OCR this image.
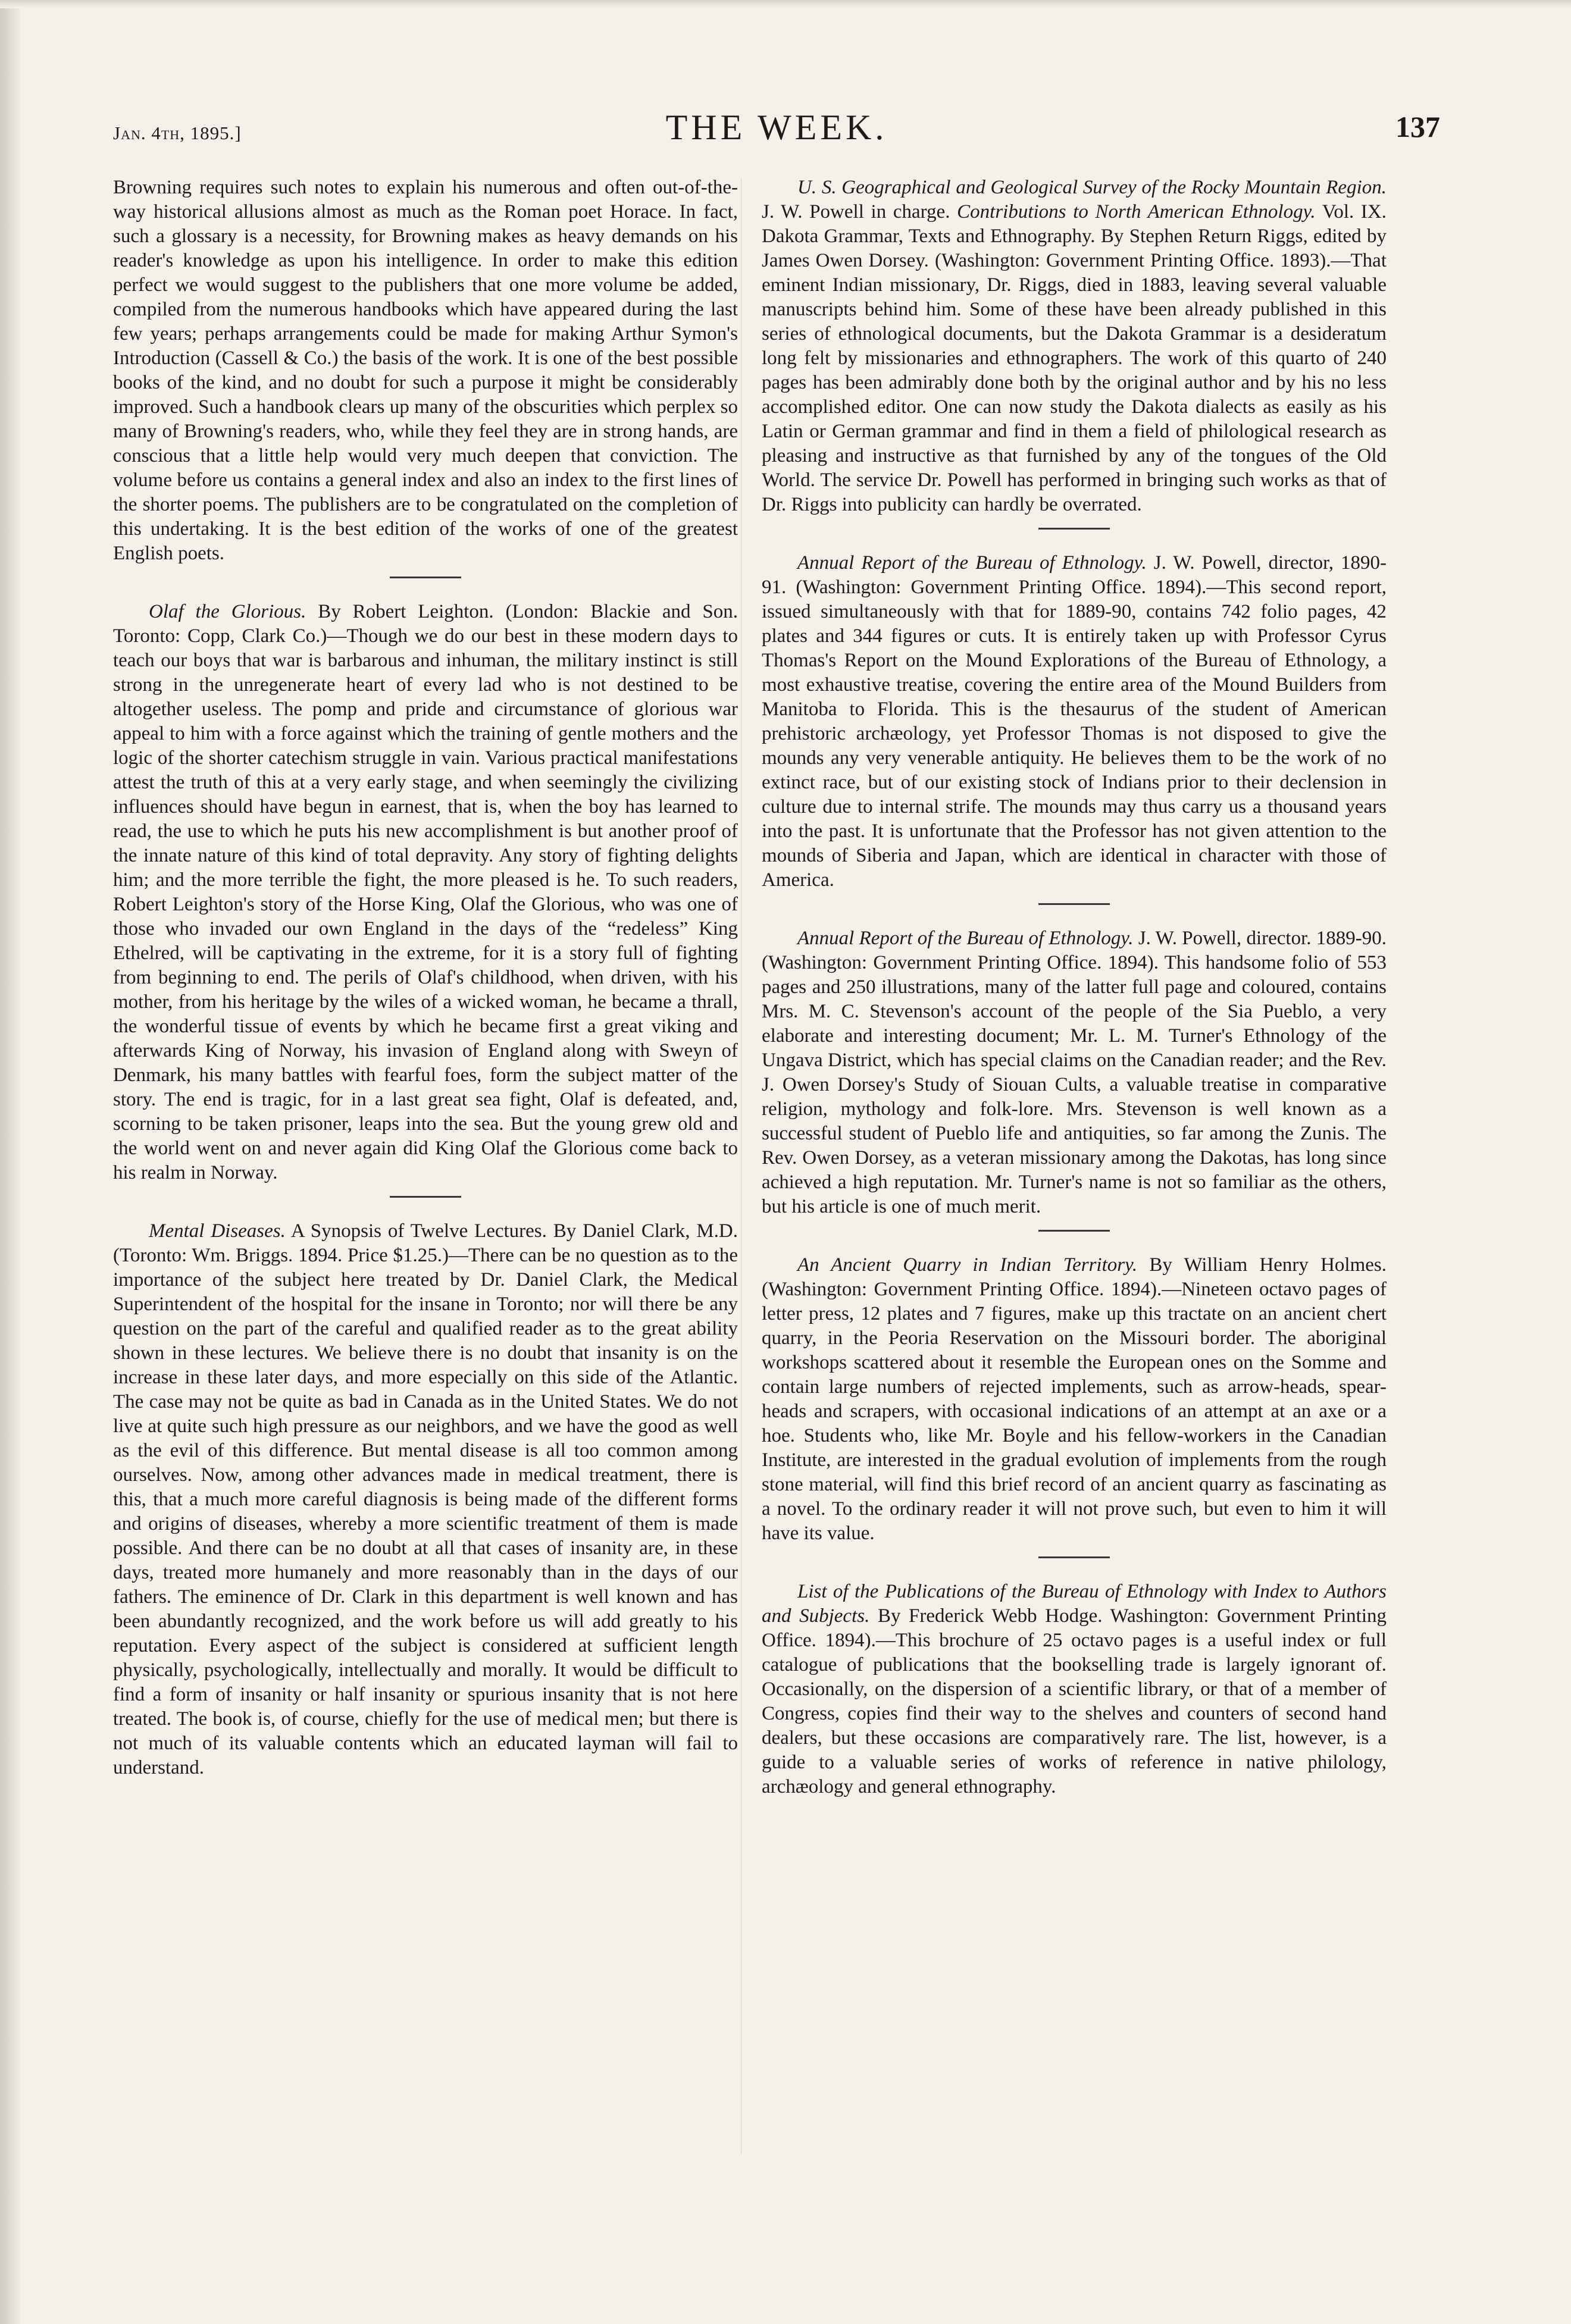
Jan. 4th, 1895.]	THE WEEK.	137

Browning requires such notes to explain his numerous and often out-of-the-way historical allusions almost as much as the Roman poet Horace. In fact, such a glossary is a necessity, for Browning makes as heavy demands on his reader's knowledge as upon his intelligence. In order to make this edition perfect we would suggest to the publishers that one more volume be added, compiled from the numerous handbooks which have appeared during the last few years; perhaps arrangements could be made for making Arthur Symon's Introduction (Cassell & Co.) the basis of the work. It is one of the best possible books of the kind, and no doubt for such a purpose it might be considerably improved. Such a handbook clears up many of the obscurities which perplex so many of Browning's readers, who, while they feel they are in strong hands, are conscious that a little help would very much deepen that conviction. The volume before us contains a general index and also an index to the first lines of the shorter poems. The publishers are to be congratulated on the completion of this undertaking. It is the best edition of the works of one of the greatest English poets.

Olaf the Glorious. By Robert Leighton. (London: Blackie and Son. Toronto: Copp, Clark Co.)—Though we do our best in these modern days to teach our boys that war is barbarous and inhuman, the military instinct is still strong in the unregenerate heart of every lad who is not destined to be altogether useless. The pomp and pride and circumstance of glorious war appeal to him with a force against which the training of gentle mothers and the logic of the shorter catechism struggle in vain. Various practical manifestations attest the truth of this at a very early stage, and when seemingly the civilizing influences should have begun in earnest, that is, when the boy has learned to read, the use to which he puts his new accomplishment is but another proof of the innate nature of this kind of total depravity. Any story of fighting delights him; and the more terrible the fight, the more pleased is he. To such readers, Robert Leighton's story of the Horse King, Olaf the Glorious, who was one of those who invaded our own England in the days of the “redeless” King Ethelred, will be captivating in the extreme, for it is a story full of fighting from beginning to end. The perils of Olaf's childhood, when driven, with his mother, from his heritage by the wiles of a wicked woman, he became a thrall, the wonderful tissue of events by which he became first a great viking and afterwards King of Norway, his invasion of England along with Sweyn of Denmark, his many battles with fearful foes, form the subject matter of the story. The end is tragic, for in a last great sea fight, Olaf is defeated, and, scorning to be taken prisoner, leaps into the sea. But the young grew old and the world went on and never again did King Olaf the Glorious come back to his realm in Norway.

Mental Diseases. A Synopsis of Twelve Lectures. By Daniel Clark, M.D. (Toronto: Wm. Briggs. 1894. Price $1.25.)—There can be no question as to the importance of the subject here treated by Dr. Daniel Clark, the Medical Superintendent of the hospital for the insane in Toronto; nor will there be any question on the part of the careful and qualified reader as to the great ability shown in these lectures. We believe there is no doubt that insanity is on the increase in these later days, and more especially on this side of the Atlantic. The case may not be quite as bad in Canada as in the United States. We do not live at quite such high pressure as our neighbors, and we have the good as well as the evil of this difference. But mental disease is all too common among ourselves. Now, among other advances made in medical treatment, there is this, that a much more careful diagnosis is being made of the different forms and origins of diseases, whereby a more scientific treatment of them is made possible. And there can be no doubt at all that cases of insanity are, in these days, treated more humanely and more reasonably than in the days of our fathers. The eminence of Dr. Clark in this department is well known and has been abundantly recognized, and the work before us will add greatly to his reputation. Every aspect of the subject is considered at sufficient length physically, psychologically, intellectually and morally. It would be difficult to find a form of insanity or half insanity or spurious insanity that is not here treated. The book is, of course, chiefly for the use of medical men; but there is not much of its valuable contents which an educated layman will fail to understand.

U. S. Geographical and Geological Survey of the Rocky Mountain Region. J. W. Powell in charge. Contributions to North American Ethnology. Vol. IX. Dakota Grammar, Texts and Ethnography. By Stephen Return Riggs, edited by James Owen Dorsey. (Washington: Government Printing Office. 1893).—That eminent Indian missionary, Dr. Riggs, died in 1883, leaving several valuable manuscripts behind him. Some of these have been already published in this series of ethnological documents, but the Dakota Grammar is a desideratum long felt by missionaries and ethnographers. The work of this quarto of 240 pages has been admirably done both by the original author and by his no less accomplished editor. One can now study the Dakota dialects as easily as his Latin or German grammar and find in them a field of philological research as pleasing and instructive as that furnished by any of the tongues of the Old World. The service Dr. Powell has performed in bringing such works as that of Dr. Riggs into publicity can hardly be overrated.

Annual Report of the Bureau of Ethnology. J. W. Powell, director, 1890-91. (Washington: Government Printing Office. 1894).—This second report, issued simultaneously with that for 1889-90, contains 742 folio pages, 42 plates and 344 figures or cuts. It is entirely taken up with Professor Cyrus Thomas's Report on the Mound Explorations of the Bureau of Ethnology, a most exhaustive treatise, covering the entire area of the Mound Builders from Manitoba to Florida. This is the thesaurus of the student of American prehistoric archæology, yet Professor Thomas is not disposed to give the mounds any very venerable antiquity. He believes them to be the work of no extinct race, but of our existing stock of Indians prior to their declension in culture due to internal strife. The mounds may thus carry us a thousand years into the past. It is unfortunate that the Professor has not given attention to the mounds of Siberia and Japan, which are identical in character with those of America.

Annual Report of the Bureau of Ethnology. J. W. Powell, director. 1889-90. (Washington: Government Printing Office. 1894). This handsome folio of 553 pages and 250 illustrations, many of the latter full page and coloured, contains Mrs. M. C. Stevenson's account of the people of the Sia Pueblo, a very elaborate and interesting document; Mr. L. M. Turner's Ethnology of the Ungava District, which has special claims on the Canadian reader; and the Rev. J. Owen Dorsey's Study of Siouan Cults, a valuable treatise in comparative religion, mythology and folk-lore. Mrs. Stevenson is well known as a successful student of Pueblo life and antiquities, so far among the Zunis. The Rev. Owen Dorsey, as a veteran missionary among the Dakotas, has long since achieved a high reputation. Mr. Turner's name is not so familiar as the others, but his article is one of much merit.

An Ancient Quarry in Indian Territory. By William Henry Holmes. (Washington: Government Printing Office. 1894).—Nineteen octavo pages of letter press, 12 plates and 7 figures, make up this tractate on an ancient chert quarry, in the Peoria Reservation on the Missouri border. The aboriginal workshops scattered about it resemble the European ones on the Somme and contain large numbers of rejected implements, such as arrow-heads, spear-heads and scrapers, with occasional indications of an attempt at an axe or a hoe. Students who, like Mr. Boyle and his fellow-workers in the Canadian Institute, are interested in the gradual evolution of implements from the rough stone material, will find this brief record of an ancient quarry as fascinating as a novel. To the ordinary reader it will not prove such, but even to him it will have its value.

List of the Publications of the Bureau of Ethnology with Index to Authors and Subjects. By Frederick Webb Hodge. Washington: Government Printing Office. 1894).—This brochure of 25 octavo pages is a useful index or full catalogue of publications that the bookselling trade is largely ignorant of. Occasionally, on the dispersion of a scientific library, or that of a member of Congress, copies find their way to the shelves and counters of second hand dealers, but these occasions are comparatively rare. The list, however, is a guide to a valuable series of works of reference in native philology, archæology and general ethnography.
